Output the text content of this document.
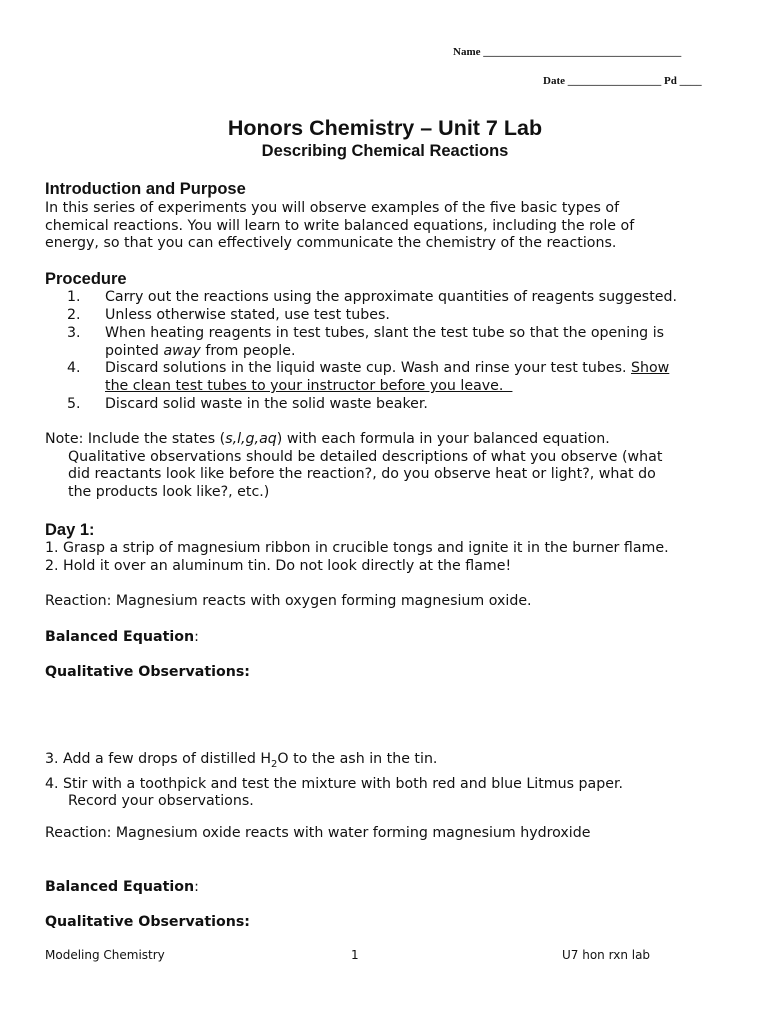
Name ____________________________________

Date _________________ Pd ____

Honors Chemistry – Unit 7 Lab

Describing Chemical Reactions

Introduction and Purpose

In this series of experiments you will observe examples of the five basic types of
chemical reactions. You will learn to write balanced equations, including the role of
energy, so that you can effectively communicate the chemistry of the reactions.

Procedure

1. Carry out the reactions using the approximate quantities of reagents suggested.
2. Unless otherwise stated, use test tubes.
3. When heating reagents in test tubes, slant the test tube so that the opening is
pointed away from people.
4. Discard solutions in the liquid waste cup. Wash and rinse your test tubes. Show
the clean test tubes to your instructor before you leave.
5. Discard solid waste in the solid waste beaker.
Note: Include the states (s,l,g,aq) with each formula in your balanced equation.
Qualitative observations should be detailed descriptions of what you observe (what
did reactants look like before the reaction?, do you observe heat or light?, what do
the products look like?, etc.)

Day 1:

1. Grasp a strip of magnesium ribbon in crucible tongs and ignite it in the burner flame.
2. Hold it over an aluminum tin. Do not look directly at the flame!

Reaction: Magnesium reacts with oxygen forming magnesium oxide.

Balanced Equation:

Qualitative Observations:

3. Add a few drops of distilled $H_2O$ to the ash in the tin.
4. Stir with a toothpick and test the mixture with both red and blue Litmus paper.
Record your observations.

Reaction: Magnesium oxide reacts with water forming magnesium hydroxide

Balanced Equation:

Qualitative Observations:

Modeling Chemistry	1	U7 hon rxn lab
